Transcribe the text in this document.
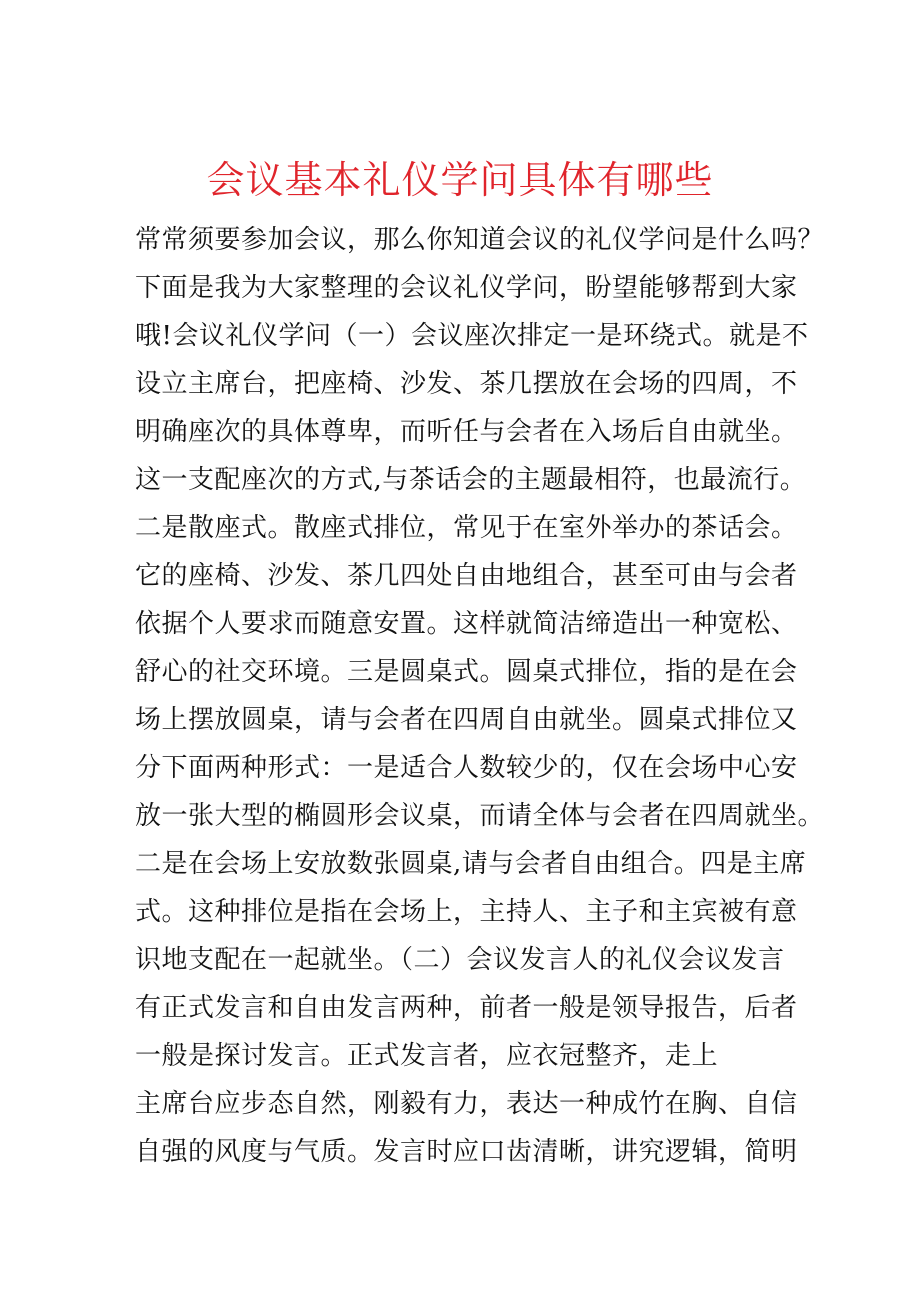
会议基本礼仪学问具体有哪些
常常须要参加会议，那么你知道会议的礼仪学问是什么吗？
下面是我为大家整理的会议礼仪学问，盼望能够帮到大家
哦!会议礼仪学问（一）会议座次排定一是环绕式。就是不
设立主席台，把座椅、沙发、茶几摆放在会场的四周，不
明确座次的具体尊卑，而听任与会者在入场后自由就坐。
这一支配座次的方式,与茶话会的主题最相符，也最流行。
二是散座式。散座式排位，常见于在室外举办的茶话会。
它的座椅、沙发、茶几四处自由地组合，甚至可由与会者
依据个人要求而随意安置。这样就简洁缔造出一种宽松、
舒心的社交环境。三是圆桌式。圆桌式排位，指的是在会
场上摆放圆桌，请与会者在四周自由就坐。圆桌式排位又
分下面两种形式：一是适合人数较少的，仅在会场中心安
放一张大型的椭圆形会议桌，而请全体与会者在四周就坐。
二是在会场上安放数张圆桌,请与会者自由组合。四是主席
式。这种排位是指在会场上，主持人、主子和主宾被有意
识地支配在一起就坐。（二）会议发言人的礼仪会议发言
有正式发言和自由发言两种，前者一般是领导报告，后者
一般是探讨发言。正式发言者，应衣冠整齐，走上
主席台应步态自然，刚毅有力，表达一种成竹在胸、自信
自强的风度与气质。发言时应口齿清晰，讲究逻辑，简明
